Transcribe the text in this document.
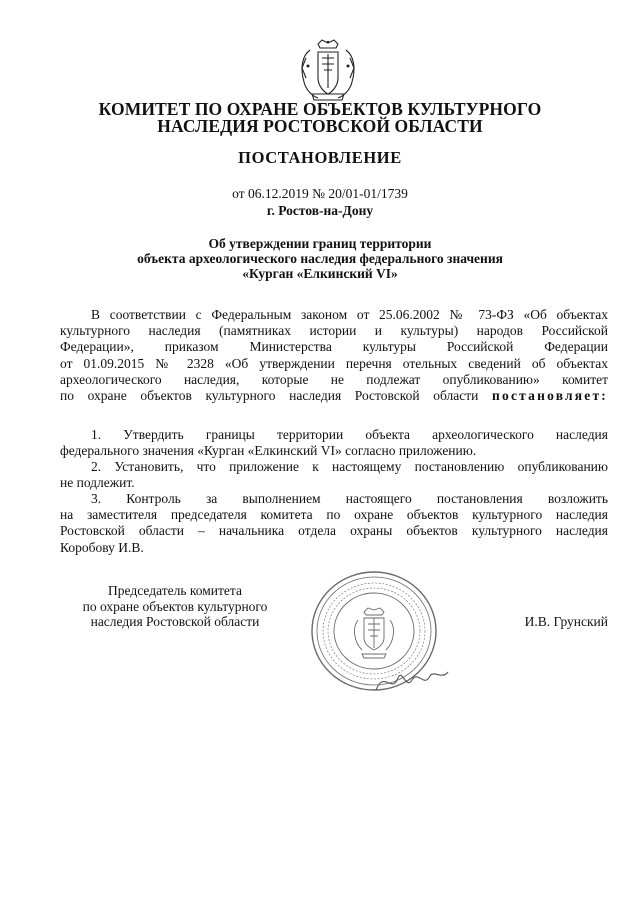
КОМИТЕТ ПО ОХРАНЕ ОБЪЕКТОВ КУЛЬТУРНОГО
НАСЛЕДИЯ РОСТОВСКОЙ ОБЛАСТИ
ПОСТАНОВЛЕНИЕ
от 06.12.2019 № 20/01-01/1739
г. Ростов-на-Дону
Об утверждении границ территории
объекта археологического наследия федерального значения
«Курган «Елкинский VI»
В соответствии с Федеральным законом от 25.06.2002 № 73-ФЗ «Об объектах
культурного наследия (памятниках истории и культуры) народов Российской
Федерации», приказом Министерства культуры Российской Федерации
от 01.09.2015 № 2328 «Об утверждении перечня отельных сведений об объектах
археологического наследия, которые не подлежат опубликованию» комитет
по охране объектов культурного наследия Ростовской области постановляет:
1. Утвердить границы территории объекта археологического наследия
федерального значения «Курган «Елкинский VI» согласно приложению.
2. Установить, что приложение к настоящему постановлению опубликованию
не подлежит.
3. Контроль за выполнением настоящего постановления возложить
на заместителя председателя комитета по охране объектов культурного наследия
Ростовской области – начальника отдела охраны объектов культурного наследия
Коробову И.В.
Председатель комитета
по охране объектов культурного
наследия Ростовской области	И.В. Грунский
